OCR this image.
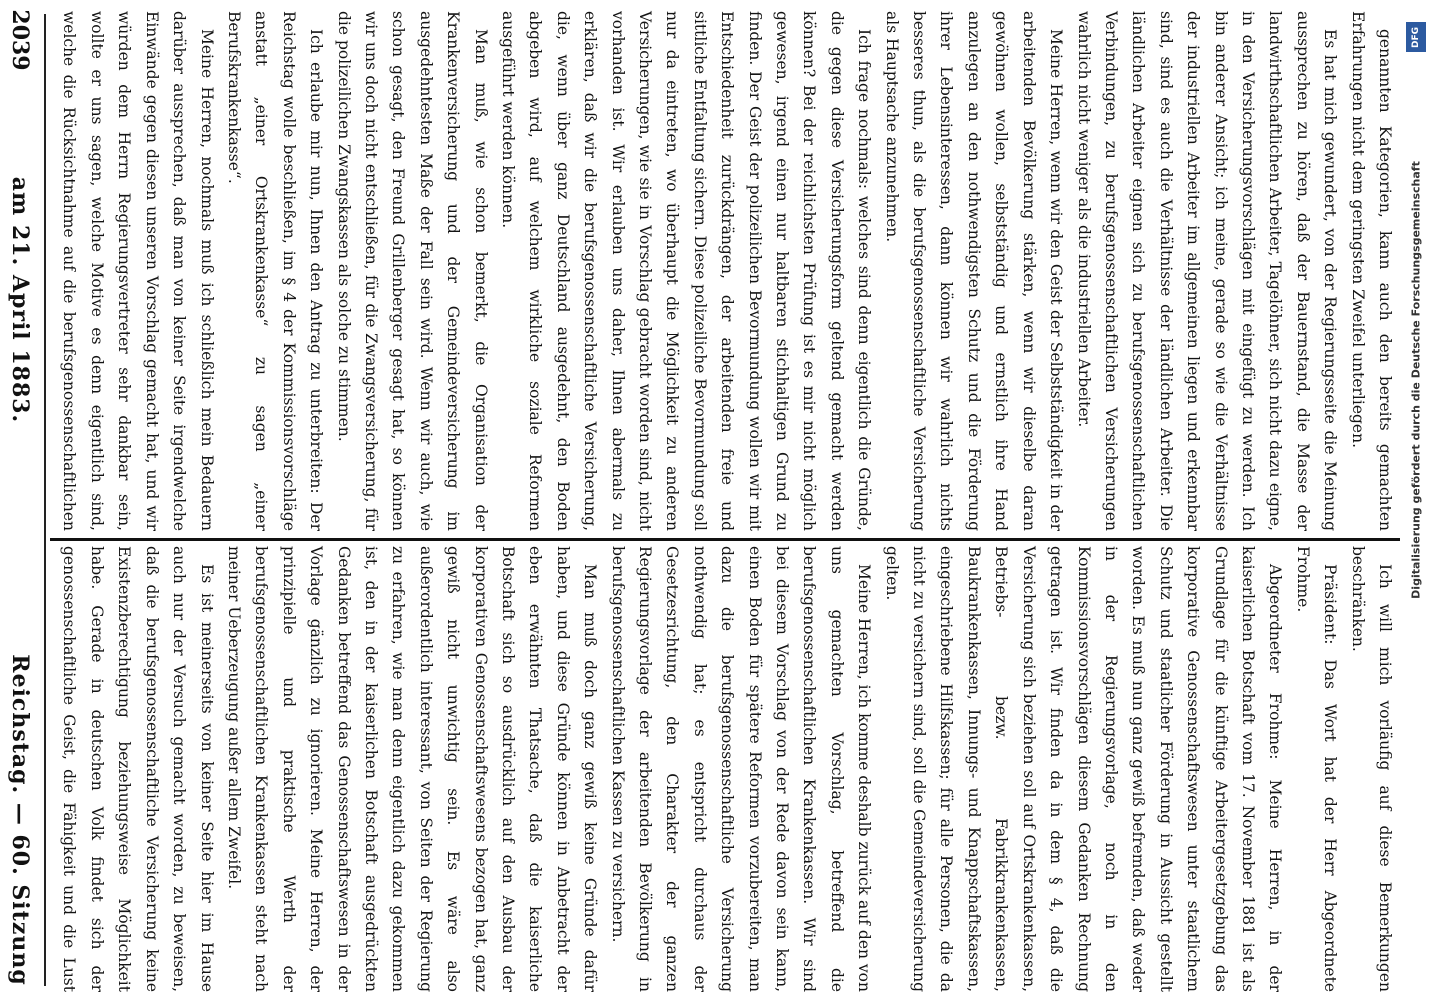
2039
am 21. April 1883.
Reichstag. — 60. Sitzung

genannten Kategorien, kann auch den bereits gemachten Erfahrungen nicht dem geringsten Zweifel unterliegen.

Es hat mich gewundert, von der Regierungsseite die Meinung aussprechen zu hören, daß der Bauernstand, die Masse der landwirthschaftlichen Arbeiter, Tagelöhner, sich nicht dazu eigne, in den Versicherungsvorschlägen mit eingefügt zu werden. Ich bin anderer Ansicht; ich meine, gerade so wie die Verhältnisse der industriellen Arbeiter im allgemeinen liegen und erkennbar sind, sind es auch die Verhältnisse der ländlichen Arbeiter. Die ländlichen Arbeiter eignen sich zu berufsgenossenschaftlichen Verbindungen, zu berufsgenossenschaftlichen Versicherungen wahrlich nicht weniger als die industriellen Arbeiter.

Meine Herren, wenn wir den Geist der Selbstständigkeit in der arbeitenden Bevölkerung stärken, wenn wir dieselbe daran gewöhnen wollen, selbstständig und ernstlich ihre Hand anzulegen an den nothwendigsten Schutz und die Förderung ihrer Lebensinteressen, dann können wir wahrlich nichts besseres thun, als die berufsgenossenschaftliche Versicherung als Hauptsache anzunehmen.

Ich frage nochmals: welches sind denn eigentlich die Gründe, die gegen diese Versicherungsform geltend gemacht werden können? Bei der reichlichsten Prüfung ist es mir nicht möglich gewesen, irgend einen nur haltbaren stichhaltigen Grund zu finden. Der Geist der polizeilichen Bevormundung wollen wir mit Entschiedenheit zurückdrängen, der arbeitenden freie und sittliche Entfaltung sichern. Diese polizeiliche Bevormundung soll nur da eintreten, wo überhaupt die Möglichkeit zu anderen Versicherungen, wie sie in Vorschlag gebracht worden sind, nicht vorhanden ist. Wir erlauben uns daher, Ihnen abermals zu erklären, daß wir die berufsgenossenschaftliche Versicherung, die, wenn über ganz Deutschland ausgedehnt, den Boden abgeben wird, auf welchem wirkliche soziale Reformen ausgeführt werden können.

Man muß, wie schon bemerkt, die Organisation der Krankenversicherung und der Gemeindeversicherung im ausgedehntesten Maße der Fall sein wird. Wenn wir auch, wie schon gesagt, den Freund Grillenberger gesagt hat, so können wir uns doch nicht entschließen, für die Zwangsversicherung, für die polizeilichen Zwangskassen als solche zu stimmen.

Ich erlaube mir nun, Ihnen den Antrag zu unterbreiten: Der Reichstag wolle beschließen, im § 4 der Kommissionsvorschläge anstatt „einer Ortskrankenkasse“ zu sagen „einer Berufskrankenkasse“.

Meine Herren, nochmals muß ich schließlich mein Bedauern darüber aussprechen, daß man von keiner Seite irgendwelche Einwände gegen diesen unseren Vorschlag gemacht hat, und wir würden dem Herrn Regierungsvertreter sehr dankbar sein, wollte er uns sagen, welche Motive es denn eigentlich sind, welche die Rücksichtnahme auf die berufsgenossenschaftlichen

Ich will mich vorläufig auf diese Bemerkungen beschränken.

Präsident: Das Wort hat der Herr Abgeordnete Frohme.

Abgeordneter Frohme: Meine Herren, in der kaiserlichen Botschaft vom 17. November 1881 ist als Grundlage für die künftige Arbeitergesetzgebung das korporative Genossenschaftswesen unter staatlichem Schutz und staatlicher Förderung in Aussicht gestellt worden. Es muß nun ganz gewiß befremden, daß weder in der Regierungsvorlage, noch in den Kommissionsvorschlägen diesem Gedanken Rechnung getragen ist. Wir finden da in dem § 4, daß die Versicherung sich beziehen soll auf Ortskrankenkassen, Betriebs- bezw. Fabrikkrankenkassen, Baukrankenkassen, Innungs- und Knappschaftskassen, eingeschriebene Hilfskassen; für alle Personen, die da nicht zu versichern sind, soll die Gemeindeversicherung gelten.

Meine Herren, ich komme deshalb zurück auf den von uns gemachten Vorschlag, betreffend die berufsgenossenschaftlichen Krankenkassen. Wir sind bei diesem Vorschlag von der Rede davon sein kann, einen Boden für spätere Reformen vorzubereiten, man dazu die berufsgenossenschaftliche Versicherung nothwendig hat; es entspricht durchaus der Gesetzesrichtung, den Charakter der ganzen Regierungsvorlage der arbeitenden Bevölkerung in berufsgenossenschaftlichen Kassen zu versichern.

Man muß doch ganz gewiß keine Gründe dafür haben, und diese Gründe können in Anbetracht der eben erwähnten Thatsache, daß die kaiserliche Botschaft sich so ausdrücklich auf den Ausbau der korporativen Genossenschaftswesens bezogen hat, ganz gewiß nicht unwichtig sein. Es wäre also außerordentlich interessant, von Seiten der Regierung zu erfahren, wie man denn eigentlich dazu gekommen ist, den in der kaiserlichen Botschaft ausgedrückten Gedanken betreffend das Genossenschaftswesen in der Vorlage gänzlich zu ignorieren. Meine Herren, der prinzipielle und praktische Werth der berufsgenossenschaftlichen Krankenkassen steht nach meiner Ueberzeugung außer allem Zweifel.

Es ist meinerseits von keiner Seite hier im Hause auch nur der Versuch gemacht worden, zu beweisen, daß die berufsgenossenschaftliche Versicherung keine Existenzberechtigung beziehungsweise Möglichkeit habe. Gerade in deutschen Volk findet sich der genossenschaftliche Geist, die Fähigkeit und die Lust

Digitalisierung gefördert durch die Deutsche Forschungsgemeinschaft
DFG
